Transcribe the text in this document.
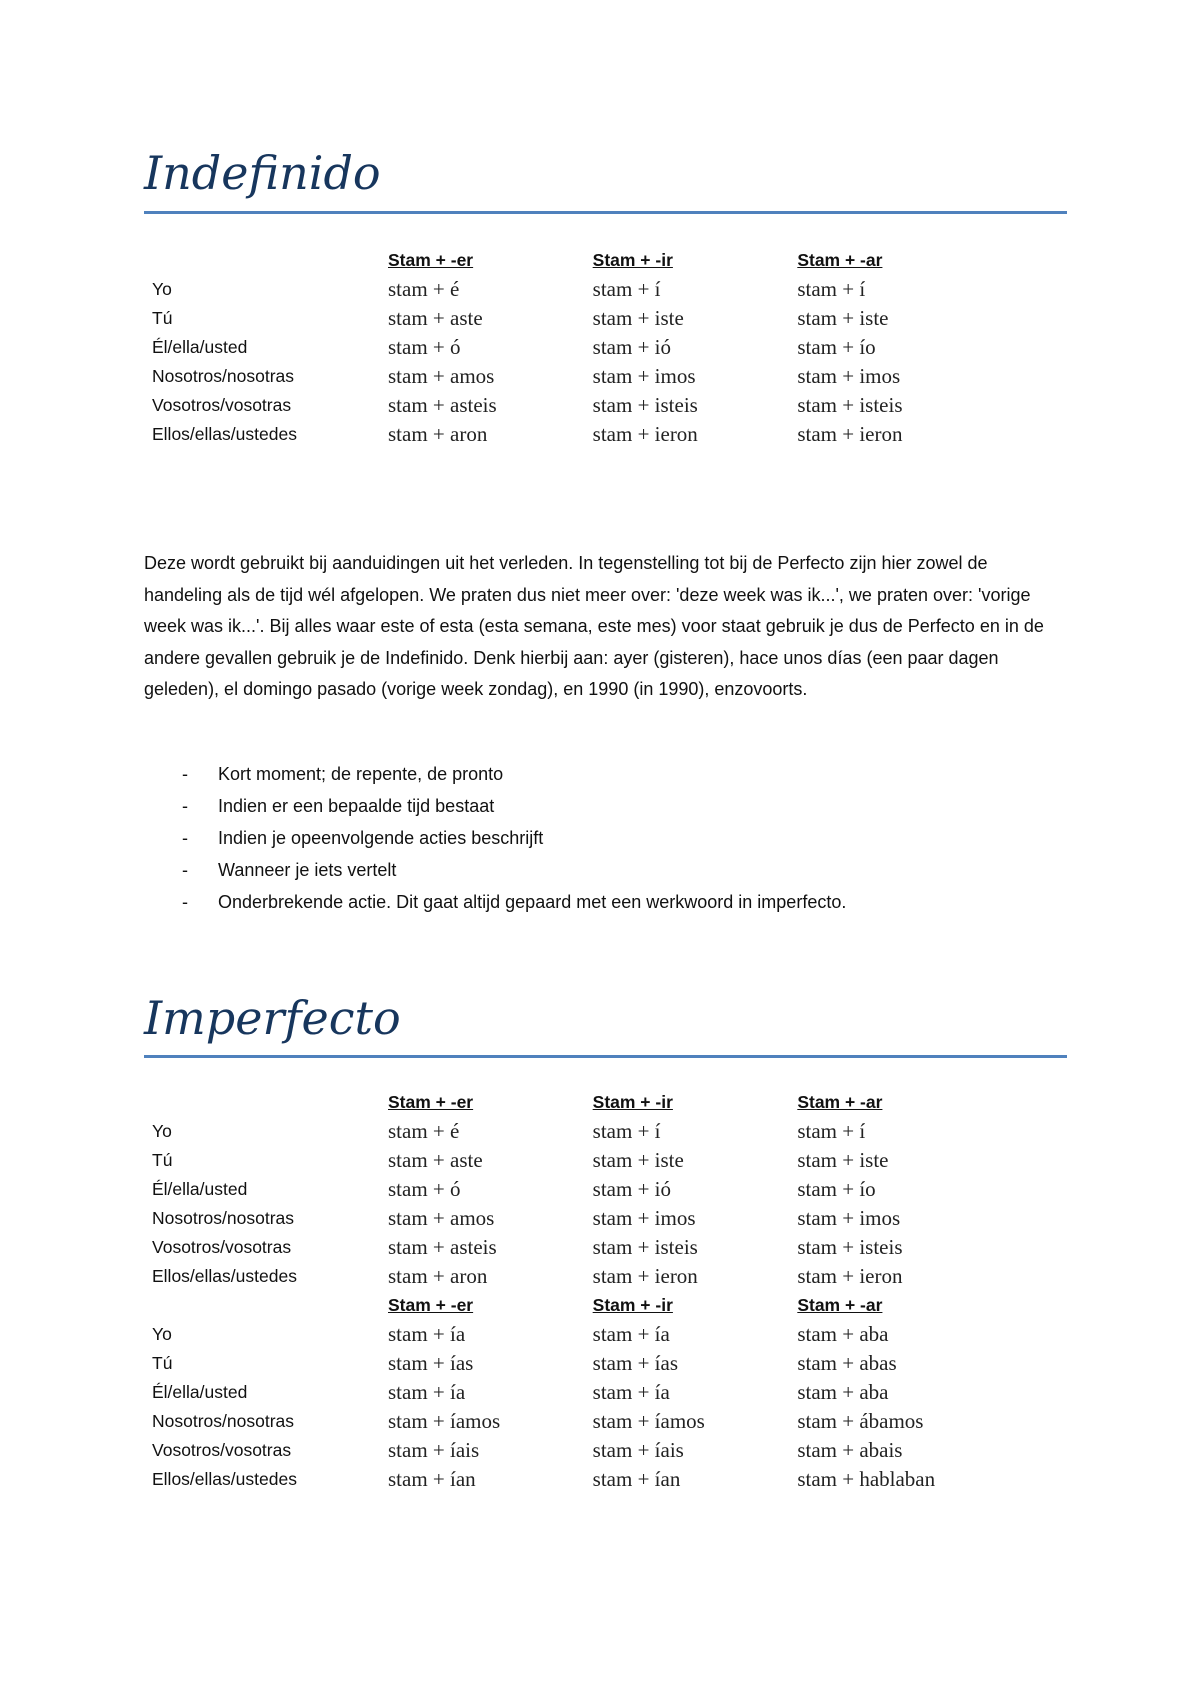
Indefinido
	Stam + -er	Stam + -ir	Stam + -ar
Yo	stam + é	stam + í	stam + í
Tú	stam + aste	stam + iste	stam + iste
Él/ella/usted	stam + ó	stam + ió	stam + ío
Nosotros/nosotras	stam + amos	stam + imos	stam + imos
Vosotros/vosotras	stam + asteis	stam + isteis	stam + isteis
Ellos/ellas/ustedes	stam + aron	stam + ieron	stam + ieron

Deze wordt gebruikt bij aanduidingen uit het verleden. In tegenstelling tot bij de Perfecto zijn hier zowel de handeling als de tijd wél afgelopen. We praten dus niet meer over: 'deze week was ik...', we praten over: 'vorige week was ik...'. Bij alles waar este of esta (esta semana, este mes) voor staat gebruik je dus de Perfecto en in de andere gevallen gebruik je de Indefinido. Denk hierbij aan: ayer (gisteren), hace unos días (een paar dagen geleden), el domingo pasado (vorige week zondag), en 1990 (in 1990), enzovoorts.

- Kort moment; de repente, de pronto
- Indien er een bepaalde tijd bestaat
- Indien je opeenvolgende acties beschrijft
- Wanneer je iets vertelt
- Onderbrekende actie. Dit gaat altijd gepaard met een werkwoord in imperfecto.
Imperfecto
	Stam + -er	Stam + -ir	Stam + -ar
Yo	stam + é	stam + í	stam + í
Tú	stam + aste	stam + iste	stam + iste
Él/ella/usted	stam + ó	stam + ió	stam + ío
Nosotros/nosotras	stam + amos	stam + imos	stam + imos
Vosotros/vosotras	stam + asteis	stam + isteis	stam + isteis
Ellos/ellas/ustedes	stam + aron	stam + ieron	stam + ieron
	Stam + -er	Stam + -ir	Stam + -ar
Yo	stam + ía	stam + ía	stam + aba
Tú	stam + ías	stam + ías	stam + abas
Él/ella/usted	stam + ía	stam + ía	stam + aba
Nosotros/nosotras	stam + íamos	stam + íamos	stam + ábamos
Vosotros/vosotras	stam + íais	stam + íais	stam + abais
Ellos/ellas/ustedes	stam + ían	stam + ían	stam + hablaban
